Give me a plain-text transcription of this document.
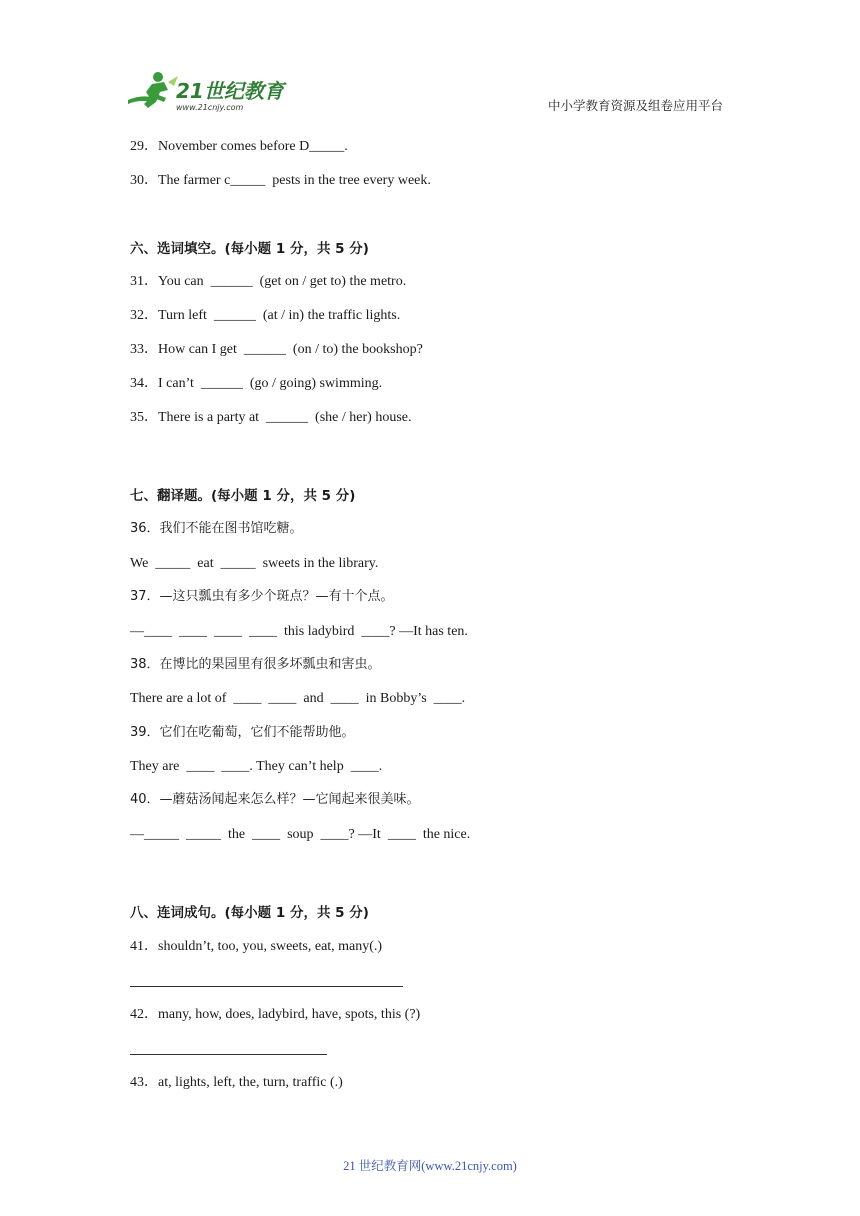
21世纪教育
www.21cnjy.com	中小学教育资源及组卷应用平台
29．November comes before D_____.
30．The farmer c_____  pests in the tree every week.
六、选词填空。(每小题 1 分，共 5 分)
31．You can  ______  (get on / get to) the metro.
32．Turn left  ______  (at / in) the traffic lights.
33．How can I get  ______  (on / to) the bookshop?
34．I can’t  ______  (go / going) swimming.
35．There is a party at  ______  (she / her) house.
七、翻译题。(每小题 1 分，共 5 分)
36．我们不能在图书馆吃糖。
We  _____  eat  _____  sweets in the library.
37．—这只瓢虫有多少个斑点？—有十个点。
—____  ____  ____  ____  this ladybird  ____? —It has ten.
38．在博比的果园里有很多坏瓢虫和害虫。
There are a lot of  ____  ____  and  ____  in Bobby’s  ____.
39．它们在吃葡萄，它们不能帮助他。
They are  ____  ____. They can’t help  ____.
40．—蘑菇汤闻起来怎么样？—它闻起来很美味。
—_____  _____  the  ____  soup  ____? —It  ____  the nice.
八、连词成句。(每小题 1 分，共 5 分)
41．shouldn’t, too, you, sweets, eat, many(.)
42．many, how, does, ladybird, have, spots, this (?)
43．at, lights, left, the, turn, traffic (.)
21 世纪教育网(www.21cnjy.com)
